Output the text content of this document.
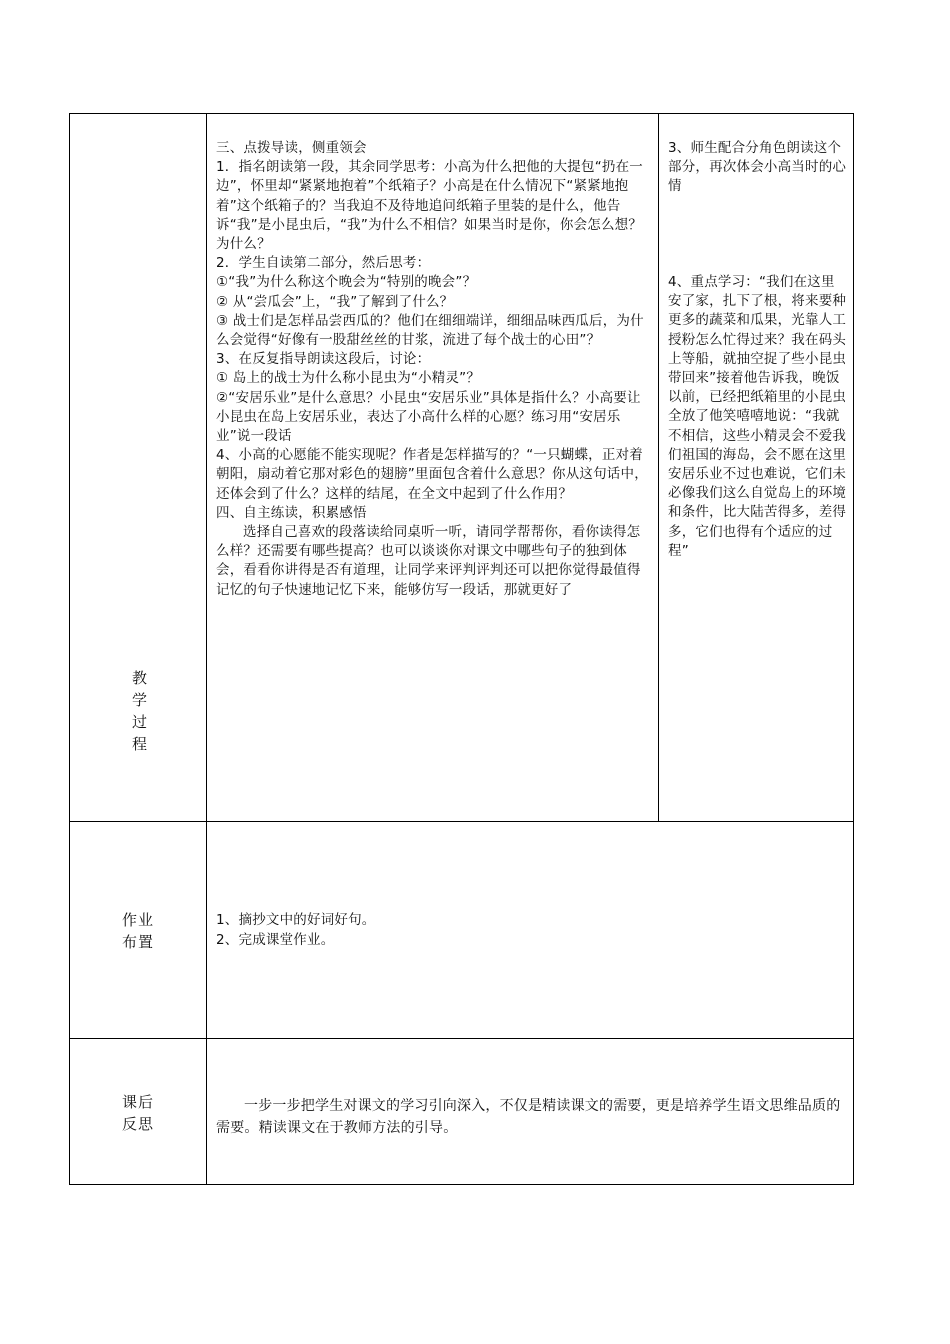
教
学
过
程

三、点拨导读，侧重领会

1．指名朗读第一段，其余同学思考：小高为什么把他的大提包“扔在一边”，怀里却“紧紧地抱着”个纸箱子？小高是在什么情况下“紧紧地抱着”这个纸箱子的？当我迫不及待地追问纸箱子里装的是什么，他告诉“我”是小昆虫后，“我”为什么不相信？如果当时是你，你会怎么想？为什么？

2．学生自读第二部分，然后思考：

①“我”为什么称这个晚会为“特别的晚会”？

② 从“尝瓜会”上，“我”了解到了什么？

③ 战士们是怎样品尝西瓜的？他们在细细端详，细细品味西瓜后，为什么会觉得“好像有一股甜丝丝的甘浆，流进了每个战士的心田”？

3、在反复指导朗读这段后，讨论：

① 岛上的战士为什么称小昆虫为“小精灵”？

②“安居乐业”是什么意思？小昆虫“安居乐业”具体是指什么？小高要让小昆虫在岛上安居乐业，表达了小高什么样的心愿？练习用“安居乐业”说一段话

4、小高的心愿能不能实现呢？作者是怎样描写的？“一只蝴蝶，正对着朝阳，扇动着它那对彩色的翅膀”里面包含着什么意思？你从这句话中，还体会到了什么？这样的结尾，在全文中起到了什么作用？

四、自主练读，积累感悟

选择自己喜欢的段落读给同桌听一听，请同学帮帮你，看你读得怎么样？还需要有哪些提高？也可以谈谈你对课文中哪些句子的独到体会，看看你讲得是否有道理，让同学来评判评判还可以把你觉得最值得记忆的句子快速地记忆下来，能够仿写一段话，那就更好了

3、师生配合分角色朗读这个部分，再次体会小高当时的心情
4、重点学习：“我们在这里安了家，扎下了根，将来要种更多的蔬菜和瓜果，光靠人工授粉怎么忙得过来？我在码头上等船，就抽空捉了些小昆虫带回来”接着他告诉我，晚饭以前，已经把纸箱里的小昆虫全放了他笑嘻嘻地说：“我就不相信，这些小精灵会不爱我们祖国的海岛，会不愿在这里安居乐业不过也难说，它们未必像我们这么自觉岛上的环境和条件，比大陆苦得多，差得多，它们也得有个适应的过程”
作业
布置
1、摘抄文中的好词好句。
2、完成课堂作业。
课后
反思
一步一步把学生对课文的学习引向深入，不仅是精读课文的需要，更是培养学生语文思维品质的需要。精读课文在于教师方法的引导。
